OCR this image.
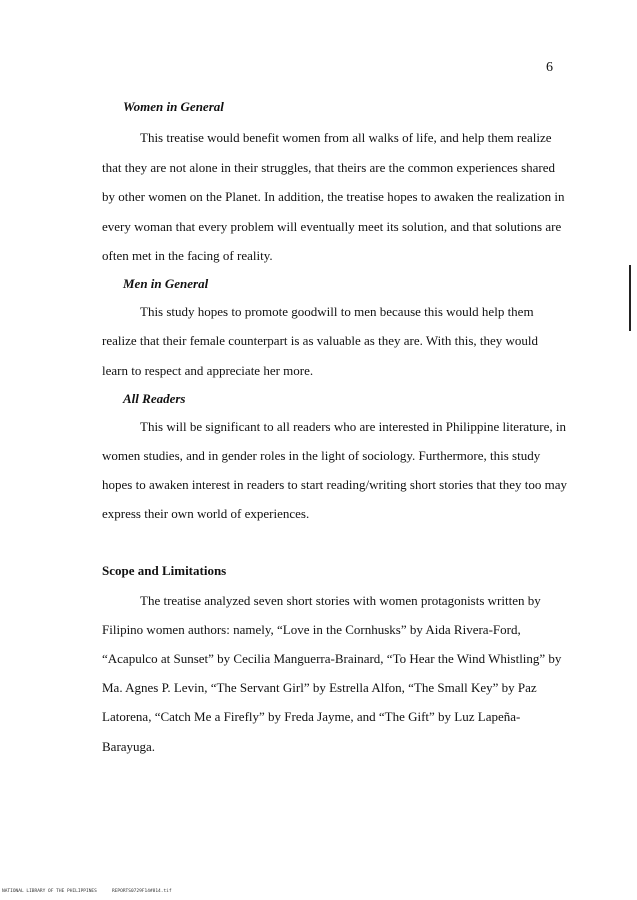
6
Women in General
This treatise would benefit women from all walks of life, and help them realize
that they are not alone in their struggles, that theirs are the common experiences shared
by other women on the Planet. In addition, the treatise hopes to awaken the realization in
every woman that every problem will eventually meet its solution, and that solutions are
often met in the facing of reality.
Men in General
This study hopes to promote goodwill to men because this would help them
realize that their female counterpart is as valuable as they are. With this, they would
learn to respect and appreciate her more.
All Readers
This will be significant to all readers who are interested in Philippine literature, in
women studies, and in gender roles in the light of sociology. Furthermore, this study
hopes to awaken interest in readers to start reading/writing short stories that they too may
express their own world of experiences.
Scope and Limitations
The treatise analyzed seven short stories with women protagonists written by
Filipino women authors: namely, “Love in the Cornhusks” by Aida Rivera-Ford,
“Acapulco at Sunset” by Cecilia Manguerra-Brainard, “To Hear the Wind Whistling” by
Ma. Agnes P. Levin, “The Servant Girl” by Estrella Alfon, “The Small Key” by Paz
Latorena, “Catch Me a Firefly” by Freda Jayme, and “The Gift” by Luz Lapeña-
Barayuga.
NATIONAL LIBRARY OF THE PHILIPPINES	REPORTS0729F14#814.tif
